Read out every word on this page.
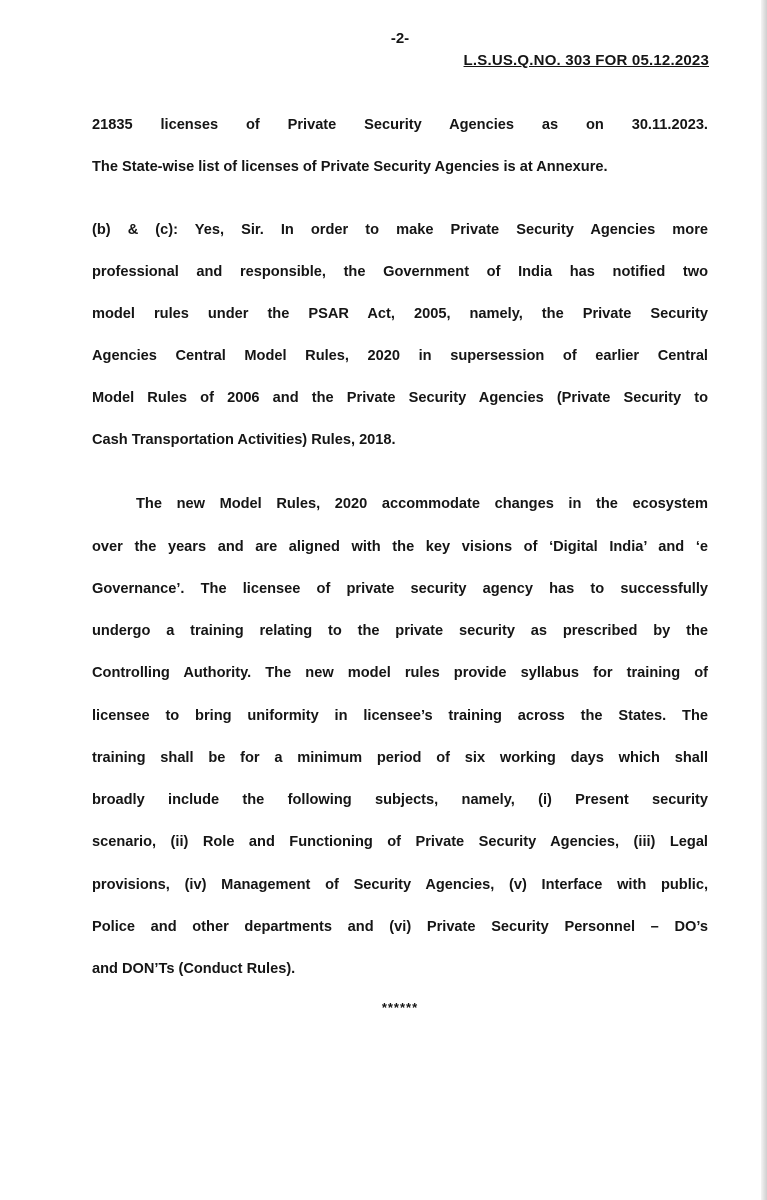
-2-
L.S.US.Q.NO. 303 FOR 05.12.2023
21835 licenses of Private Security Agencies as on 30.11.2023.
The State-wise list of licenses of Private Security Agencies is at Annexure.
(b) & (c): Yes, Sir. In order to make Private Security Agencies more
professional and responsible, the Government of India has notified two
model rules under the PSAR Act, 2005, namely, the Private Security
Agencies Central Model Rules, 2020 in supersession of earlier Central
Model Rules of 2006 and the Private Security Agencies (Private Security to
Cash Transportation Activities) Rules, 2018.
The new Model Rules, 2020 accommodate changes in the ecosystem
over the years and are aligned with the key visions of ‘Digital India’ and ‘e
Governance’. The licensee of private security agency has to successfully
undergo a training relating to the private security as prescribed by the
Controlling Authority. The new model rules provide syllabus for training of
licensee to bring uniformity in licensee’s training across the States. The
training shall be for a minimum period of six working days which shall
broadly include the following subjects, namely, (i) Present security
scenario, (ii) Role and Functioning of Private Security Agencies, (iii) Legal
provisions, (iv) Management of Security Agencies, (v) Interface with public,
Police and other departments and (vi) Private Security Personnel – DO’s
and DON’Ts (Conduct Rules).
******
